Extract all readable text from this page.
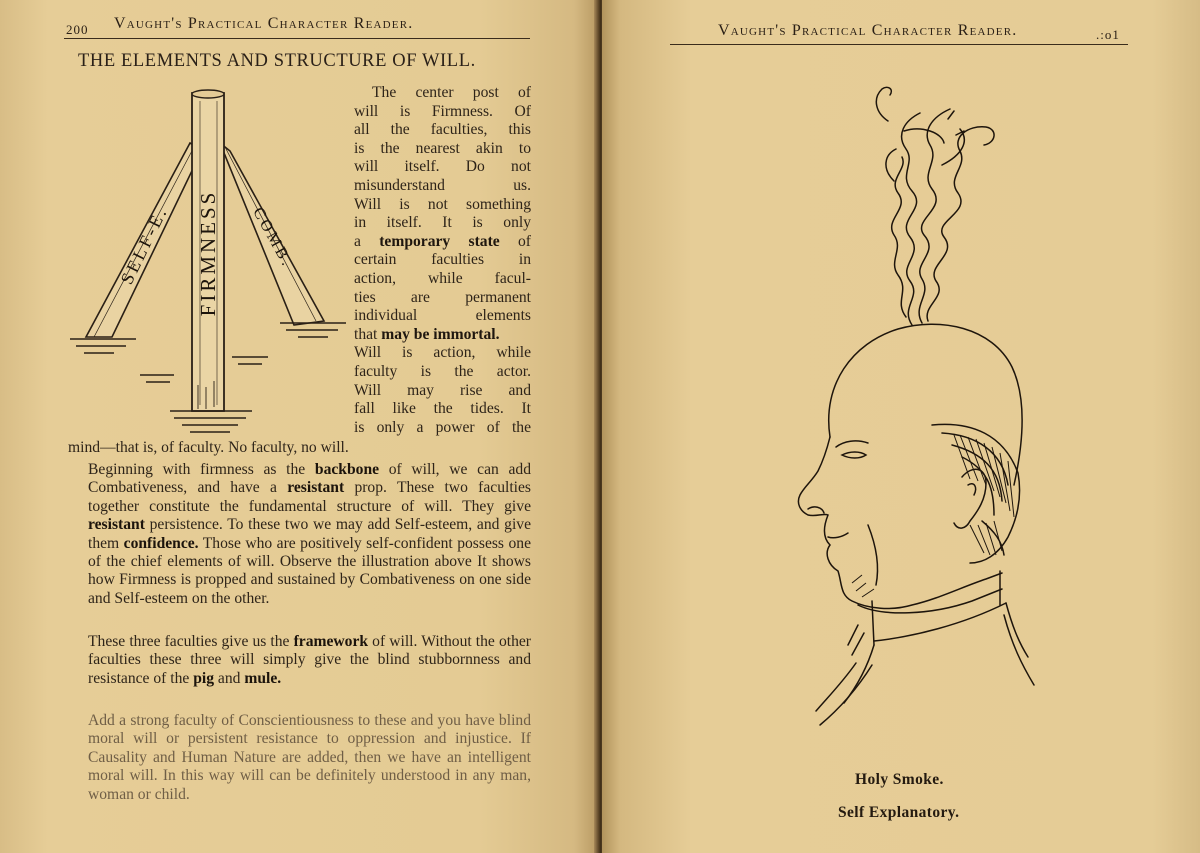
200 Vaught's Practical Character Reader.
THE ELEMENTS AND STRUCTURE OF WILL.
FIRMNESS
SELF-E.	COMB.
The center post of
will is Firmness. Of
all the faculties, this
is the nearest akin to
will itself. Do not
misunderstand us.
Will is not something
in itself. It is only
a temporary state of
certain faculties in
action, while facul-
ties are permanent
individual elements
that may be immortal.
Will is action, while
faculty is the actor.
Will may rise and
fall like the tides. It
is only a power of the
mind—that is, of faculty. No faculty, no will.
Beginning with firmness as the backbone of will, we can add Combativeness, and have a resistant prop. These two faculties together constitute the fundamental structure of will. They give resistant persistence. To these two we may add Self-esteem, and give them confidence. Those who are positively self-confident possess one of the chief elements of will. Observe the illustration above It shows how Firmness is propped and sustained by Combativeness on one side and Self-esteem on the other.
These three faculties give us the framework of will. Without the other faculties these three will simply give the blind stubbornness and resistance of the pig and mule.
Add a strong faculty of Conscientiousness to these and you have blind moral will or persistent resistance to oppression and injustice. If Causality and Human Nature are added, then we have an intelligent moral will. In this way will can be definitely understood in any man, woman or child.
Vaught's Practical Character Reader.	.:o1
Holy Smoke.
Self Explanatory.
